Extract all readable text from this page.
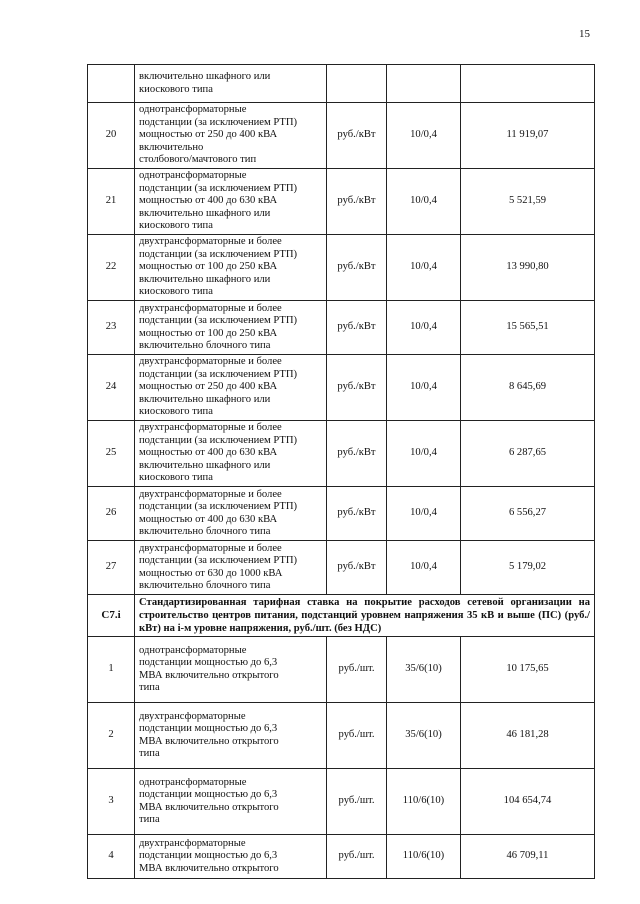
15
	включительно шкафного или
киоскового типа			
20	однотрансформаторные
подстанции (за исключением РТП)
мощностью от 250 до 400 кВА
включительно
столбового/мачтового тип	руб./кВт	10/0,4	11 919,07
21	однотрансформаторные
подстанции (за исключением РТП)
мощностью от 400 до 630 кВА
включительно шкафного или
киоскового типа	руб./кВт	10/0,4	5 521,59
22	двухтрансформаторные и более
подстанции (за исключением РТП)
мощностью от 100 до 250 кВА
включительно шкафного или
киоскового типа	руб./кВт	10/0,4	13 990,80
23	двухтрансформаторные и более
подстанции (за исключением РТП)
мощностью от 100 до 250 кВА
включительно блочного типа	руб./кВт	10/0,4	15 565,51
24	двухтрансформаторные и более
подстанции (за исключением РТП)
мощностью от 250 до 400 кВА
включительно шкафного или
киоскового типа	руб./кВт	10/0,4	8 645,69
25	двухтрансформаторные и более
подстанции (за исключением РТП)
мощностью от 400 до 630 кВА
включительно шкафного или
киоскового типа	руб./кВт	10/0,4	6 287,65
26	двухтрансформаторные и более
подстанции (за исключением РТП)
мощностью от 400 до 630 кВА
включительно блочного типа	руб./кВт	10/0,4	6 556,27
27	двухтрансформаторные и более
подстанции (за исключением РТП)
мощностью от 630 до 1000 кВА
включительно блочного типа	руб./кВт	10/0,4	5 179,02
С7.i	Стандартизированная тарифная ставка на покрытие расходов сетевой организации на строительство центров питания, подстанций уровнем напряжения 35 кВ и выше (ПС) (руб./кВт) на i-м уровне напряжения, руб./шт. (без НДС)			
1	однотрансформаторные
подстанции мощностью до 6,3
МВА включительно открытого
типа	руб./шт.	35/6(10)	10 175,65
2	двухтрансформаторные
подстанции мощностью до 6,3
МВА включительно открытого
типа	руб./шт.	35/6(10)	46 181,28
3	однотрансформаторные
подстанции мощностью до 6,3
МВА включительно открытого
типа	руб./шт.	110/6(10)	104 654,74
4	двухтрансформаторные
подстанции мощностью до 6,3
МВА включительно открытого	руб./шт.	110/6(10)	46 709,11
